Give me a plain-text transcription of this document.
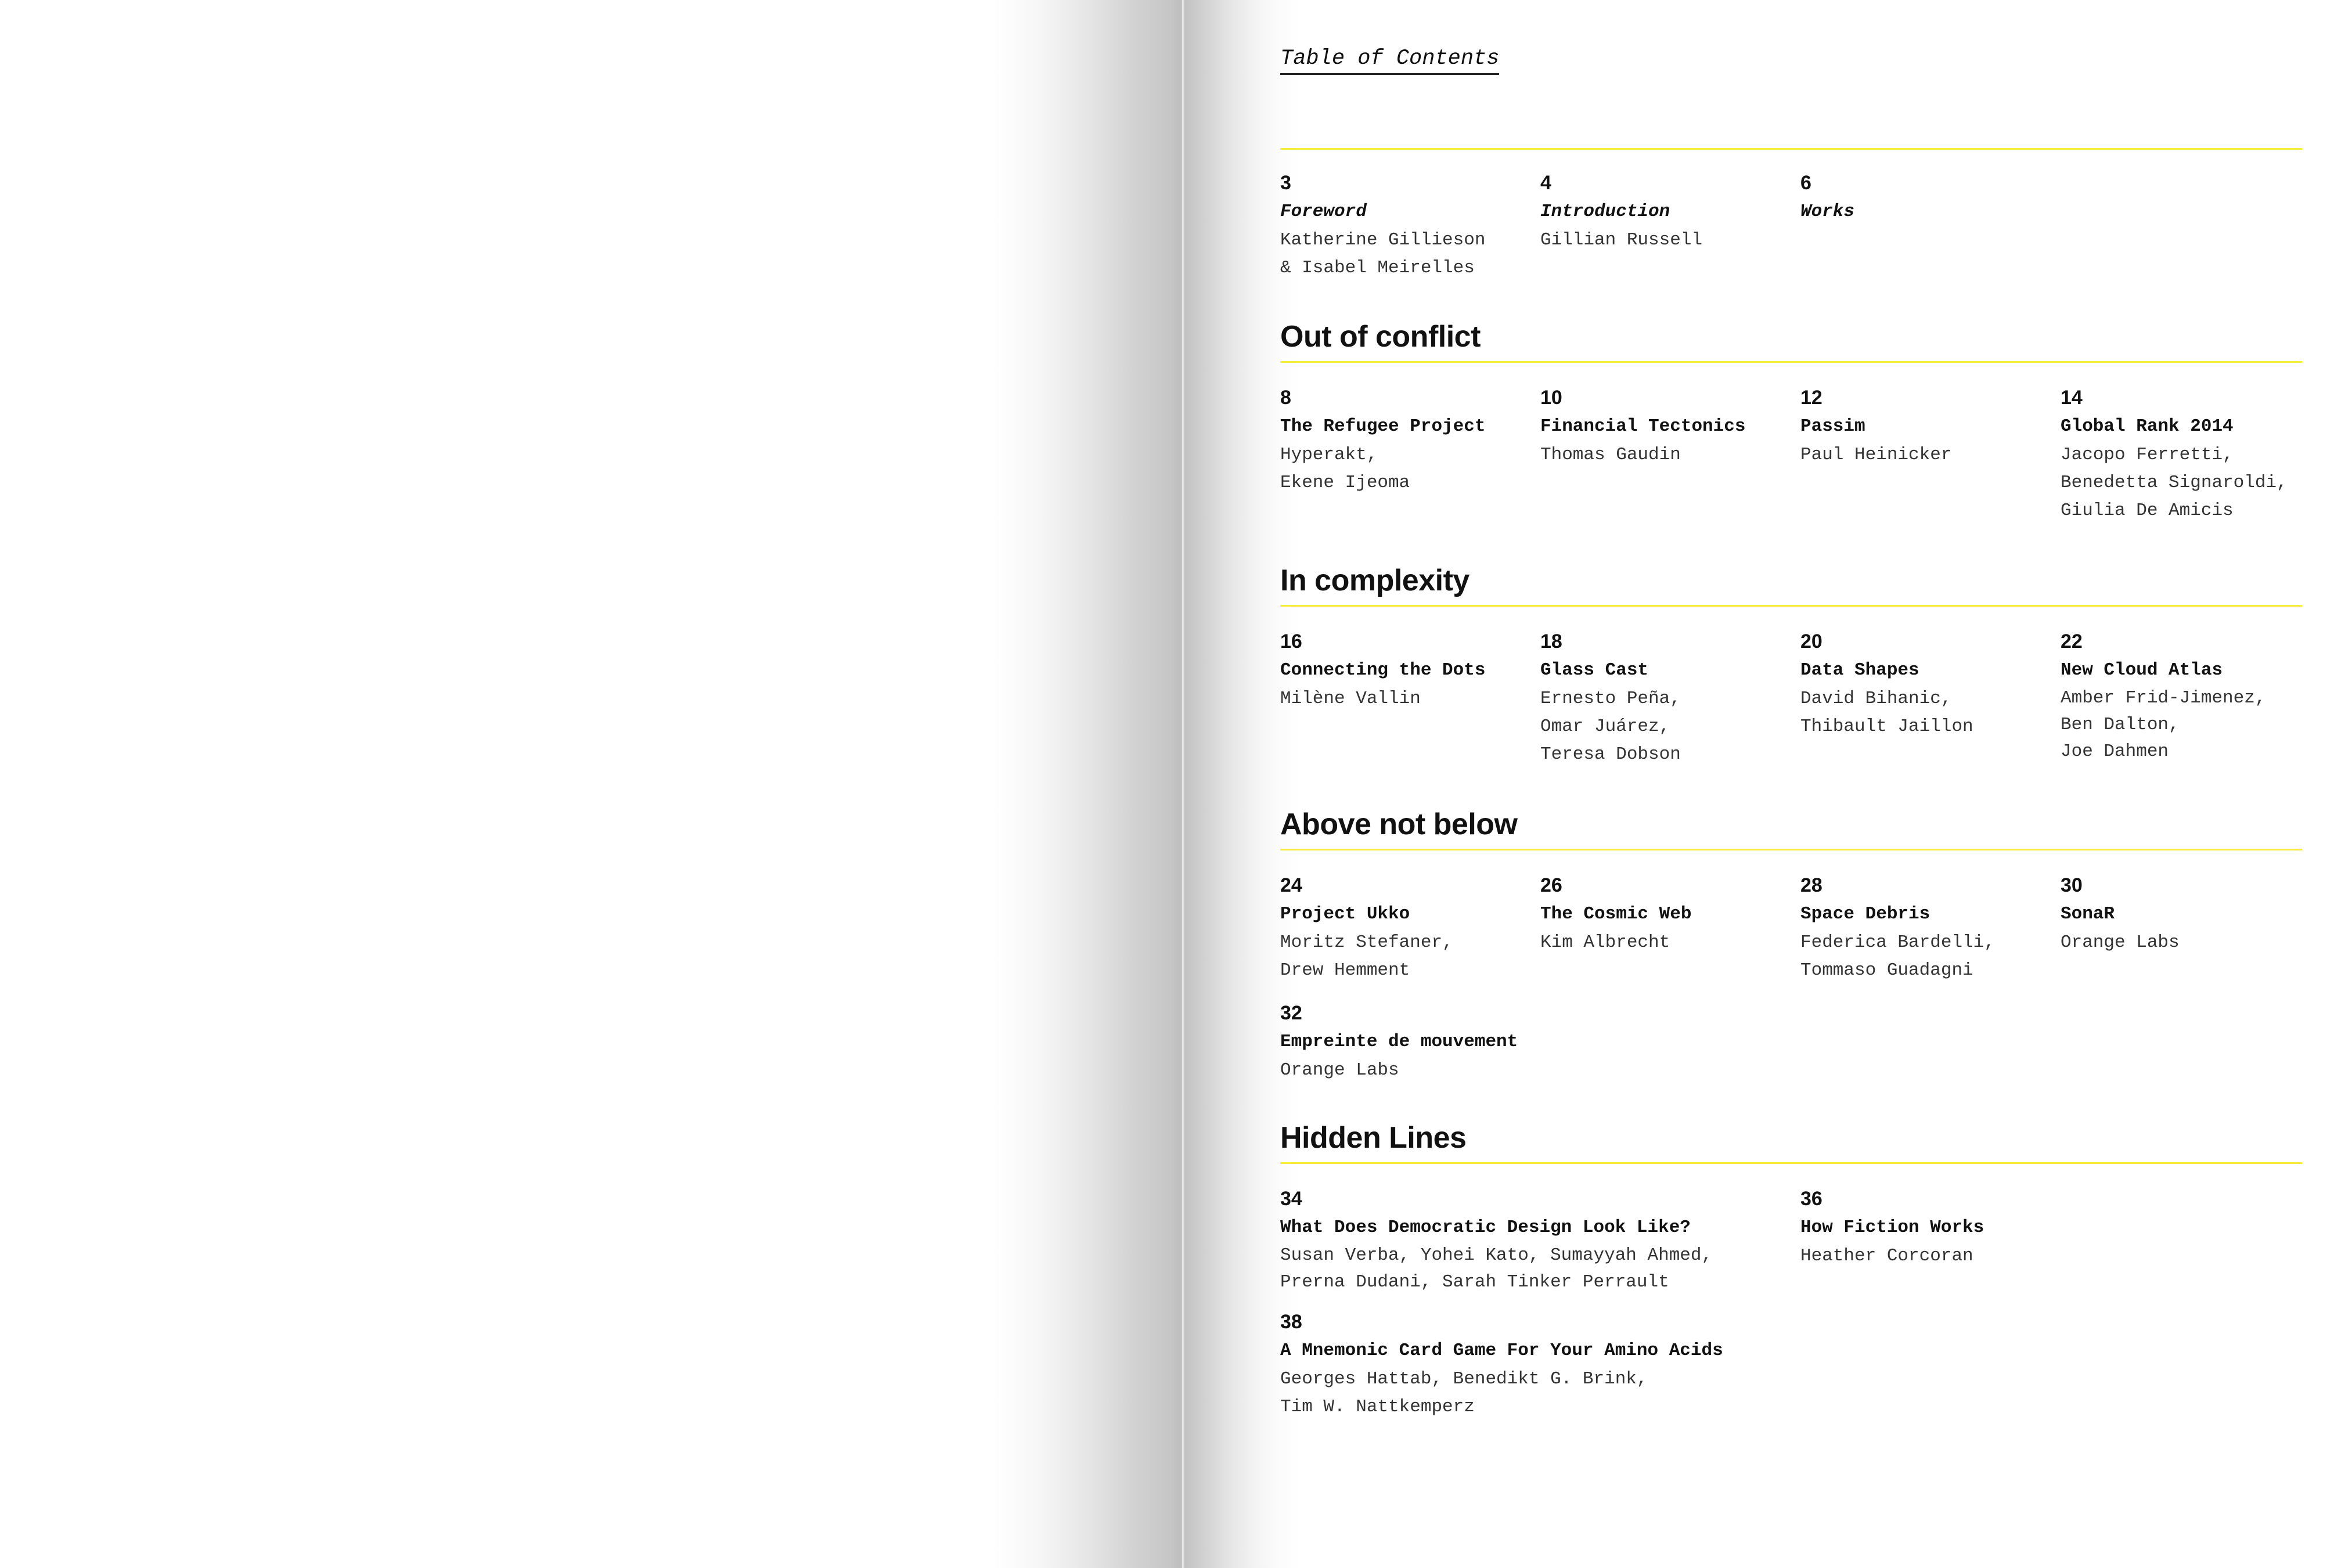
Table of Contents
3
Foreword
Katherine Gillieson
& Isabel Meirelles
4
Introduction
Gillian Russell
6
Works
Out of conflict
8
The Refugee Project
Hyperakt,
Ekene Ijeoma
10
Financial Tectonics
Thomas Gaudin
12
Passim
Paul Heinicker
14
Global Rank 2014
Jacopo Ferretti,
Benedetta Signaroldi,
Giulia De Amicis
In complexity
16
Connecting the Dots
Milène Vallin
18
Glass Cast
Ernesto Peña,
Omar Juárez,
Teresa Dobson
20
Data Shapes
David Bihanic,
Thibault Jaillon
22
New Cloud Atlas
Amber Frid-Jimenez,
Ben Dalton,
Joe Dahmen
Above not below
24
Project Ukko
Moritz Stefaner,
Drew Hemment
26
The Cosmic Web
Kim Albrecht
28
Space Debris
Federica Bardelli,
Tommaso Guadagni
30
SonaR
Orange Labs
32
Empreinte de mouvement
Orange Labs
Hidden Lines
34
What Does Democratic Design Look Like?
Susan Verba, Yohei Kato, Sumayyah Ahmed,
Prerna Dudani, Sarah Tinker Perrault
36
How Fiction Works
Heather Corcoran
38
A Mnemonic Card Game For Your Amino Acids
Georges Hattab, Benedikt G. Brink,
Tim W. Nattkemperz
